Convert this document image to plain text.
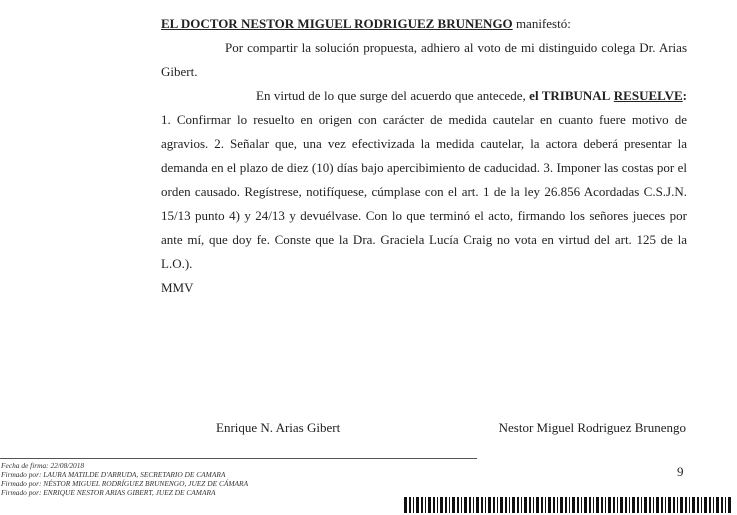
EL DOCTOR NESTOR MIGUEL RODRIGUEZ BRUNENGO manifestó:

Por compartir la solución propuesta, adhiero al voto de mi distinguido colega Dr. Arias Gibert.

En virtud de lo que surge del acuerdo que antecede, el TRIBUNAL RESUELVE: 1. Confirmar lo resuelto en origen con carácter de medida cautelar en cuanto fuere motivo de agravios. 2. Señalar que, una vez efectivizada la medida cautelar, la actora deberá presentar la demanda en el plazo de diez (10) días bajo apercibimiento de caducidad. 3. Imponer las costas por el orden causado. Regístrese, notifíquese, cúmplase con el art. 1 de la ley 26.856 Acordadas C.S.J.N. 15/13 punto 4) y 24/13 y devuélvase. Con lo que terminó el acto, firmando los señores jueces por ante mí, que doy fe. Conste que la Dra. Graciela Lucía Craig no vota en virtud del art. 125 de la L.O.).

MMV

Enrique N. Arias Gibert	Nestor Miguel Rodriguez Brunengo
Fecha de firma: 22/08/2018
Firmado por: LAURA MATILDE D'ARRUDA, SECRETARIO DE CAMARA
Firmado por: NÉSTOR MIGUEL RODRÍGUEZ BRUNENGO, JUEZ DE CÁMARA
Firmado por: ENRIQUE NESTOR ARIAS GIBERT, JUEZ DE CAMARA
9
